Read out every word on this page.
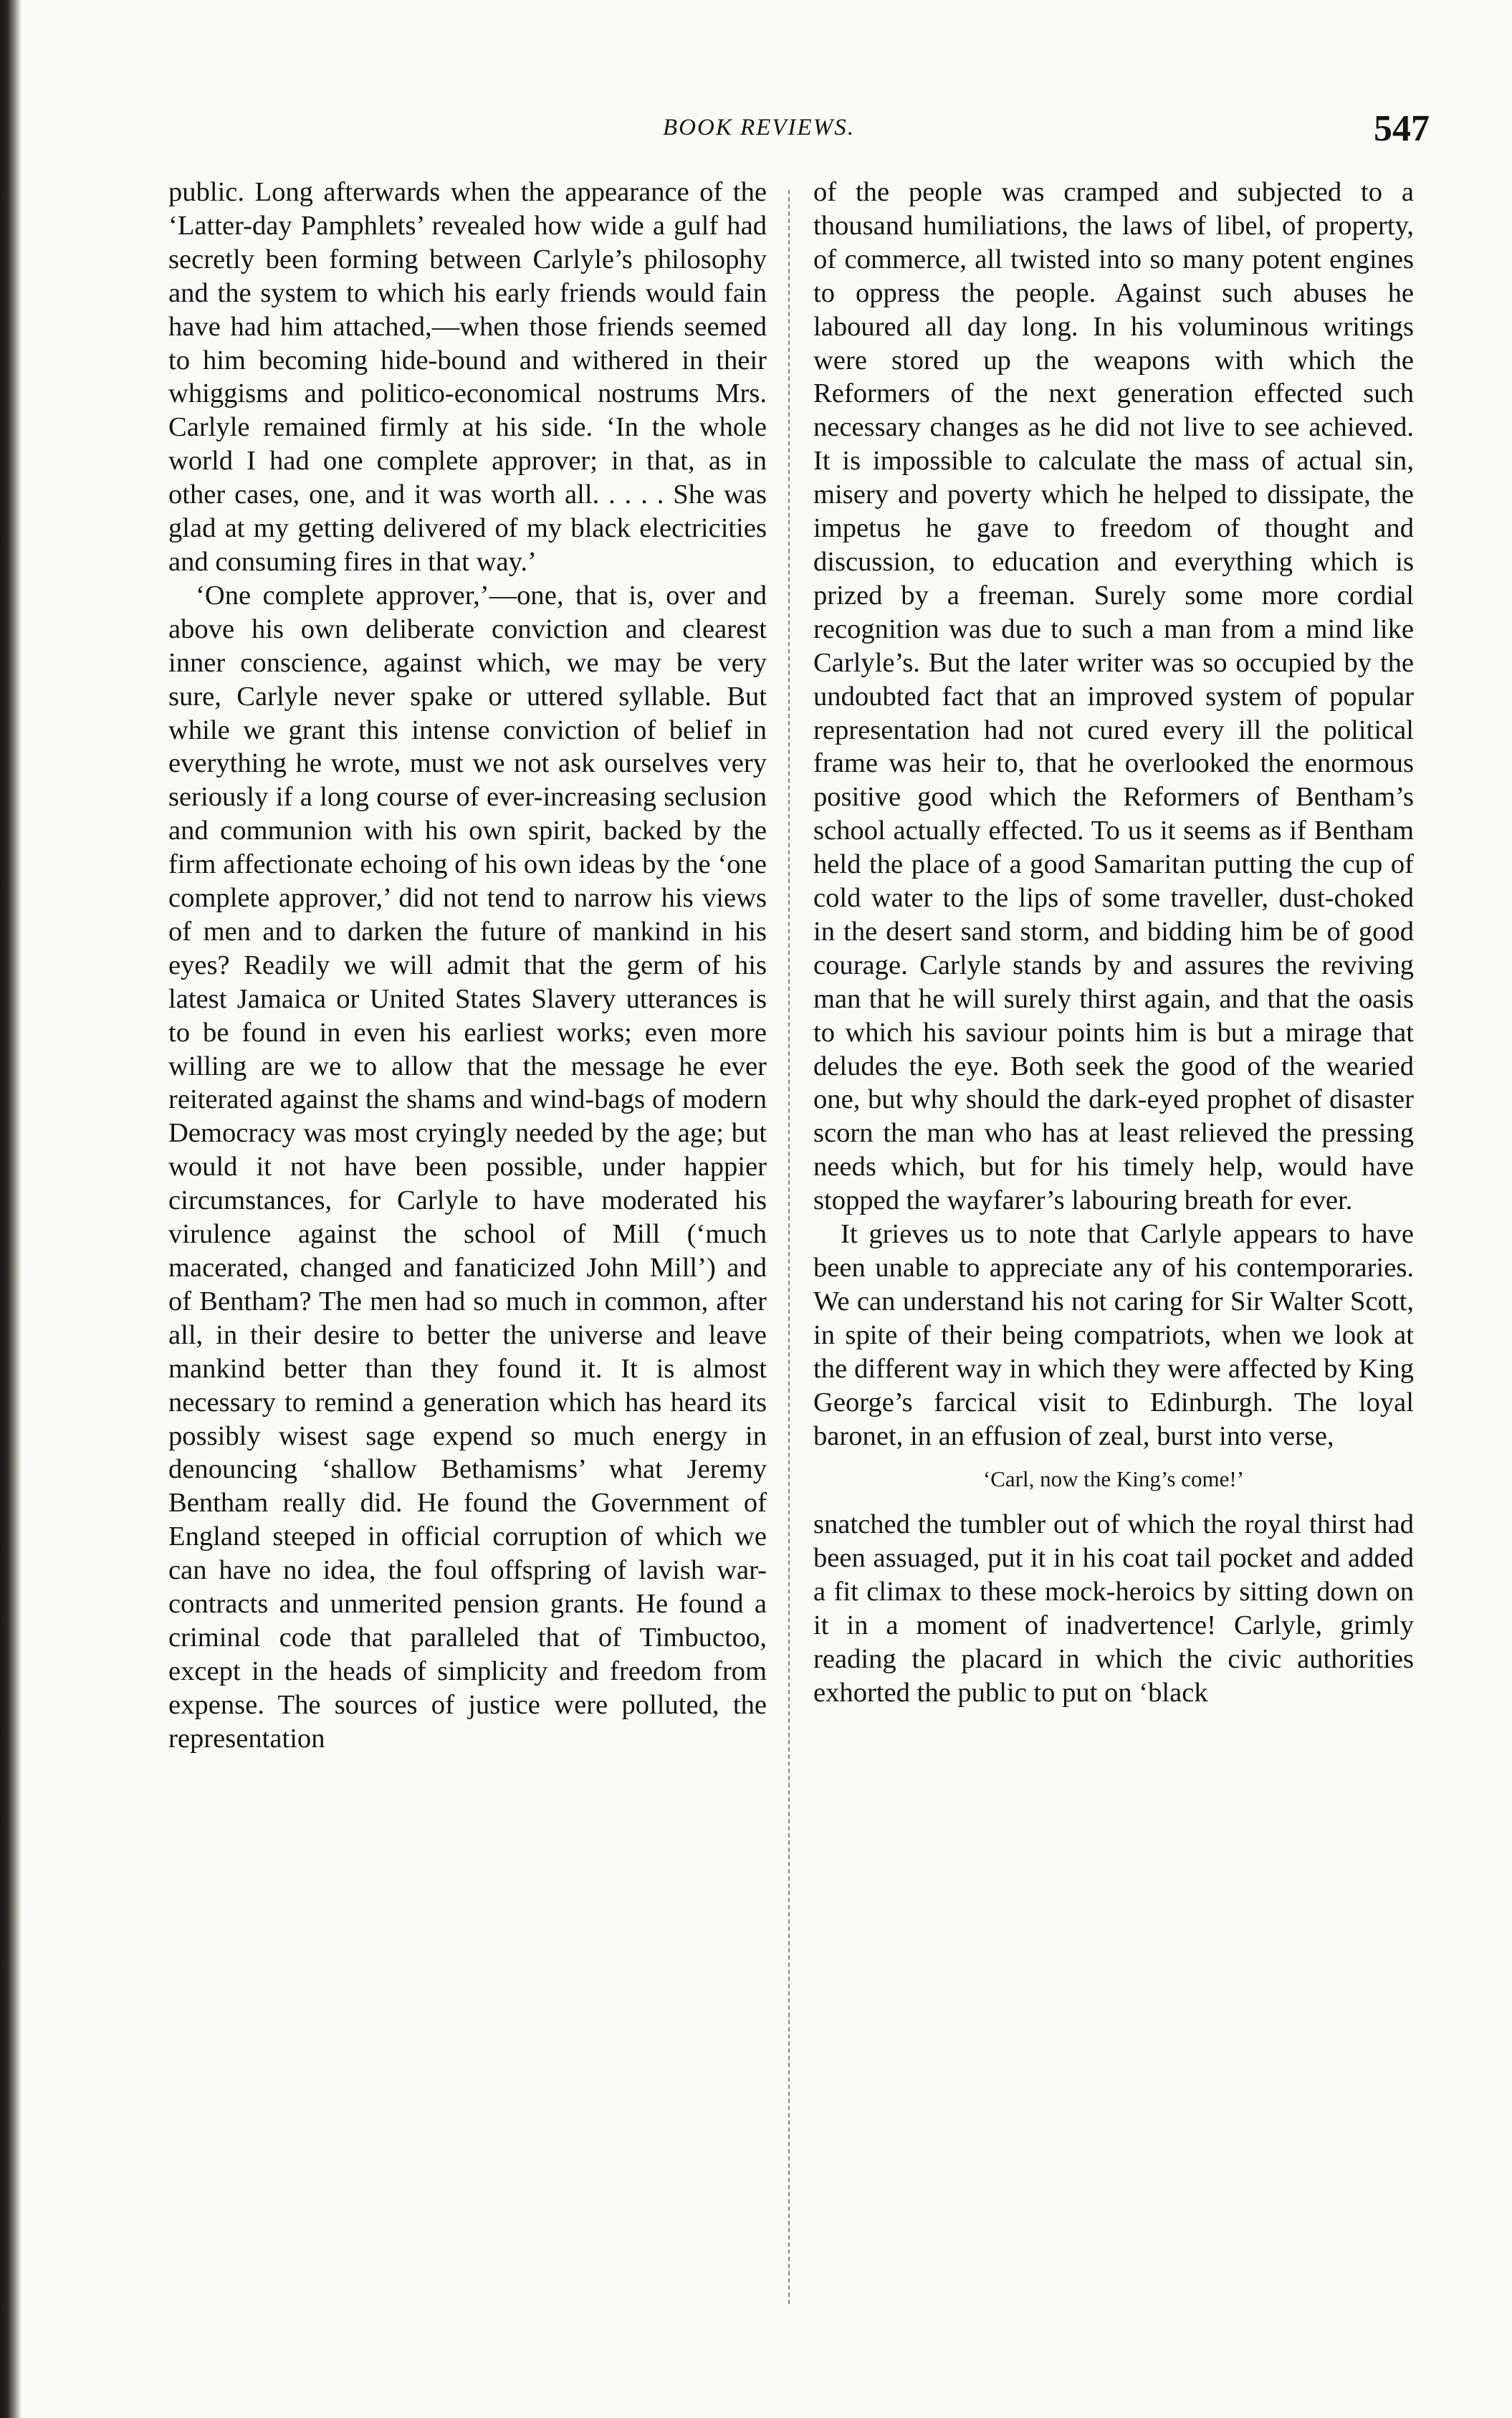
BOOK REVIEWS.	547

public. Long afterwards when the appearance of the ‘Latter-day Pamphlets’ revealed how wide a gulf had secretly been forming between Carlyle’s philosophy and the system to which his early friends would fain have had him attached,—when those friends seemed to him becoming hide-bound and withered in their whiggisms and politico-economical nostrums Mrs. Carlyle remained firmly at his side. ‘In the whole world I had one complete approver; in that, as in other cases, one, and it was worth all. . . . . She was glad at my getting delivered of my black electricities and consuming fires in that way.’

‘One complete approver,’—one, that is, over and above his own deliberate conviction and clearest inner conscience, against which, we may be very sure, Carlyle never spake or uttered syllable. But while we grant this intense conviction of belief in everything he wrote, must we not ask ourselves very seriously if a long course of ever-increasing seclusion and communion with his own spirit, backed by the firm affectionate echoing of his own ideas by the ‘one complete approver,’ did not tend to narrow his views of men and to darken the future of mankind in his eyes? Readily we will admit that the germ of his latest Jamaica or United States Slavery utterances is to be found in even his earliest works; even more willing are we to allow that the message he ever reiterated against the shams and wind-bags of modern Democracy was most cryingly needed by the age; but would it not have been possible, under happier circumstances, for Carlyle to have moderated his virulence against the school of Mill (‘much macerated, changed and fanaticized John Mill’) and of Bentham? The men had so much in common, after all, in their desire to better the universe and leave mankind better than they found it. It is almost necessary to remind a generation which has heard its possibly wisest sage expend so much energy in denouncing ‘shallow Bethamisms’ what Jeremy Bentham really did. He found the Government of England steeped in official corruption of which we can have no idea, the foul offspring of lavish war-contracts and unmerited pension grants. He found a criminal code that paralleled that of Timbuctoo, except in the heads of simplicity and freedom from expense. The sources of justice were polluted, the representation

of the people was cramped and subjected to a thousand humiliations, the laws of libel, of property, of commerce, all twisted into so many potent engines to oppress the people. Against such abuses he laboured all day long. In his voluminous writings were stored up the weapons with which the Reformers of the next generation effected such necessary changes as he did not live to see achieved. It is impossible to calculate the mass of actual sin, misery and poverty which he helped to dissipate, the impetus he gave to freedom of thought and discussion, to education and everything which is prized by a freeman. Surely some more cordial recognition was due to such a man from a mind like Carlyle’s. But the later writer was so occupied by the undoubted fact that an improved system of popular representation had not cured every ill the political frame was heir to, that he overlooked the enormous positive good which the Reformers of Bentham’s school actually effected. To us it seems as if Bentham held the place of a good Samaritan putting the cup of cold water to the lips of some traveller, dust-choked in the desert sand storm, and bidding him be of good courage. Carlyle stands by and assures the reviving man that he will surely thirst again, and that the oasis to which his saviour points him is but a mirage that deludes the eye. Both seek the good of the wearied one, but why should the dark-eyed prophet of disaster scorn the man who has at least relieved the pressing needs which, but for his timely help, would have stopped the wayfarer’s labouring breath for ever.

It grieves us to note that Carlyle appears to have been unable to appreciate any of his contemporaries. We can understand his not caring for Sir Walter Scott, in spite of their being compatriots, when we look at the different way in which they were affected by King George’s farcical visit to Edinburgh. The loyal baronet, in an effusion of zeal, burst into verse,

‘Carl, now the King’s come!’

snatched the tumbler out of which the royal thirst had been assuaged, put it in his coat tail pocket and added a fit climax to these mock-heroics by sitting down on it in a moment of inadvertence! Carlyle, grimly reading the placard in which the civic authorities exhorted the public to put on ‘black
